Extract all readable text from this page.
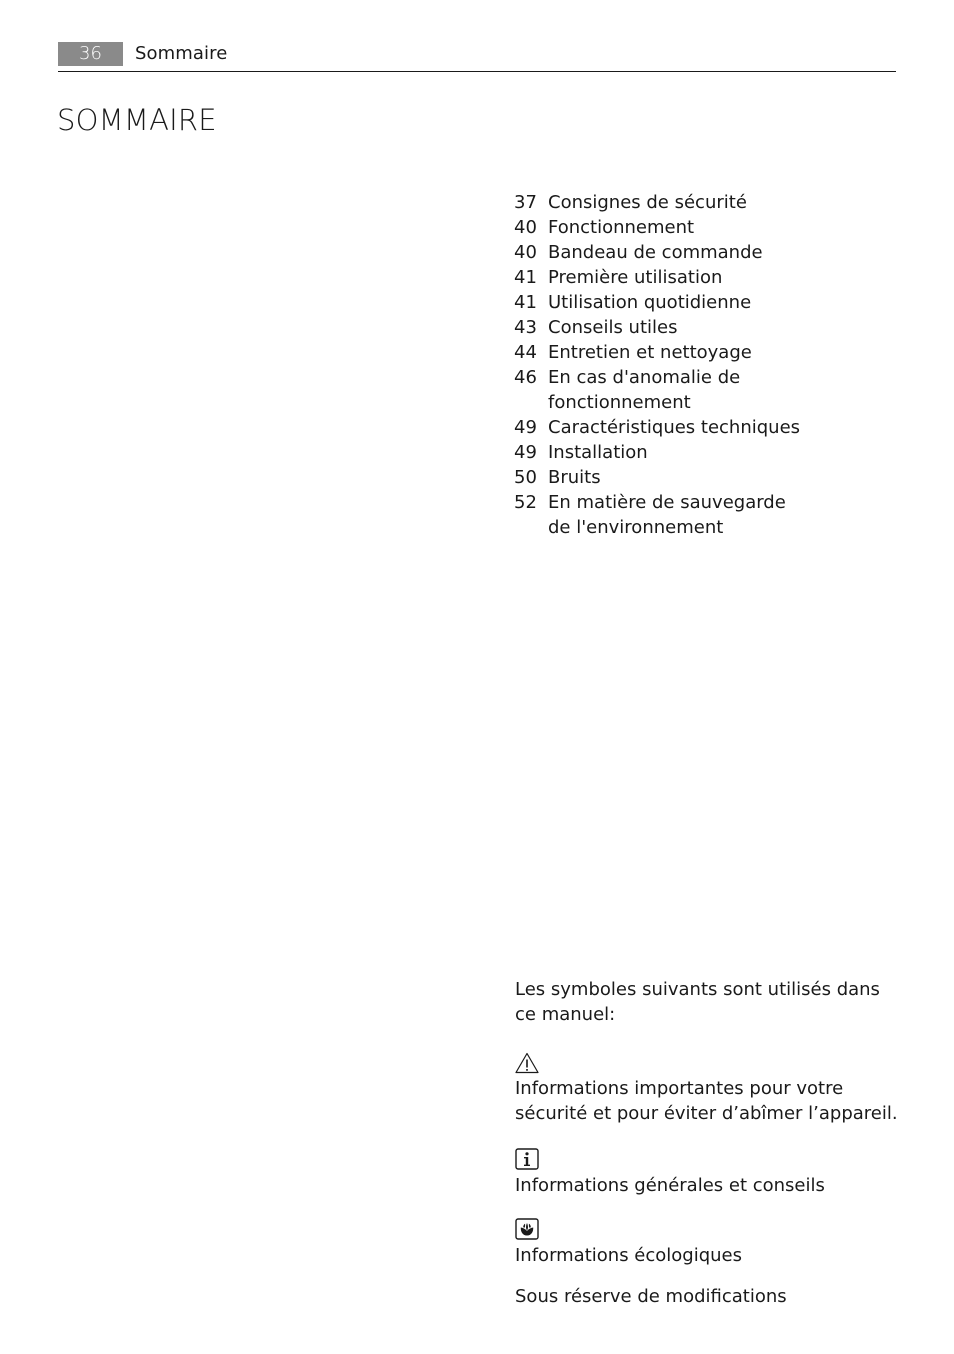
36	Sommaire
SOMMAIRE
37 Consignes de sécurité
40 Fonctionnement
40 Bandeau de commande
41 Première utilisation
41 Utilisation quotidienne
43 Conseils utiles
44 Entretien et nettoyage
46 En cas d'anomalie de fonctionnement
49 Caractéristiques techniques
49 Installation
50 Bruits
52 En matière de sauvegarde de l'environnement

Les symboles suivants sont utilisés dans ce manuel:

Informations importantes pour votre sécurité et pour éviter d’abîmer l’appareil.

Informations générales et conseils

Informations écologiques

Sous réserve de modifications
